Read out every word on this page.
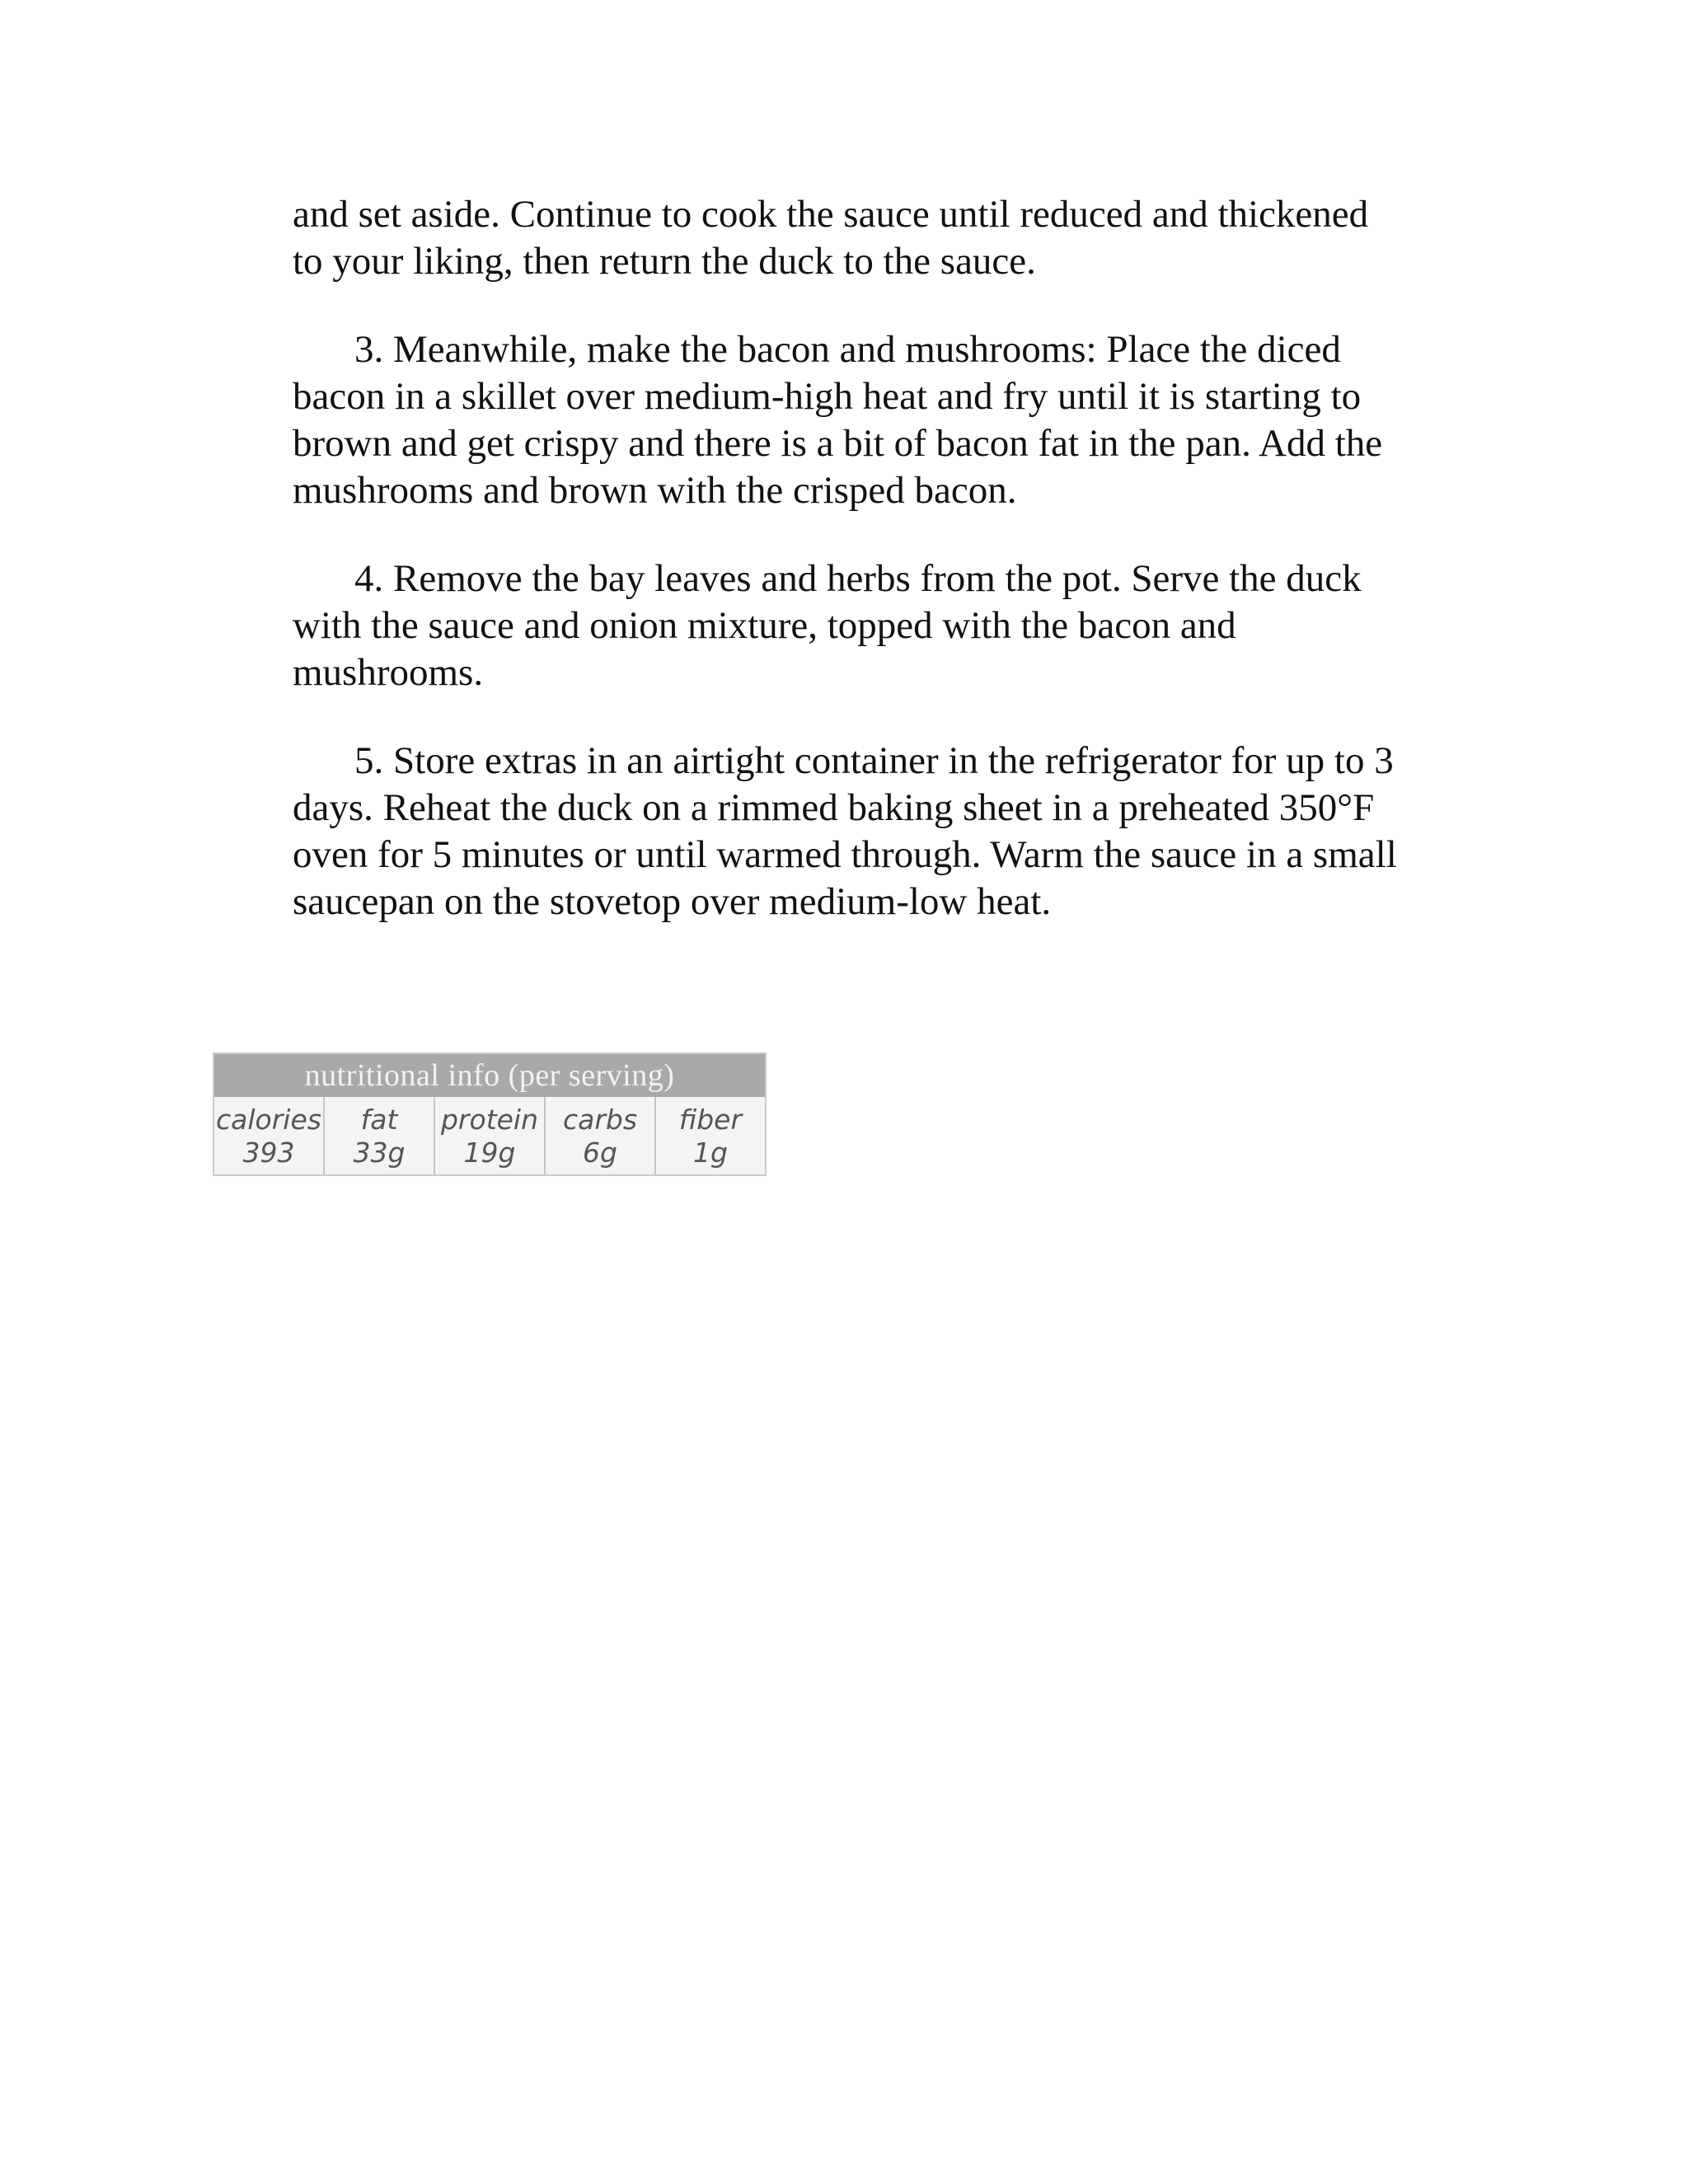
and set aside. Continue to cook the sauce until reduced and thickened
to your liking, then return the duck to the sauce.

3. Meanwhile, make the bacon and mushrooms: Place the diced
bacon in a skillet over medium-high heat and fry until it is starting to
brown and get crispy and there is a bit of bacon fat in the pan. Add the
mushrooms and brown with the crisped bacon.

4. Remove the bay leaves and herbs from the pot. Serve the duck
with the sauce and onion mixture, topped with the bacon and
mushrooms.

5. Store extras in an airtight container in the refrigerator for up to 3
days. Reheat the duck on a rimmed baking sheet in a preheated 350°F
oven for 5 minutes or until warmed through. Warm the sauce in a small
saucepan on the stovetop over medium-low heat.

nutritional info (per serving)
calories
393
fat
33g
protein
19g
carbs
6g
fiber
1g
